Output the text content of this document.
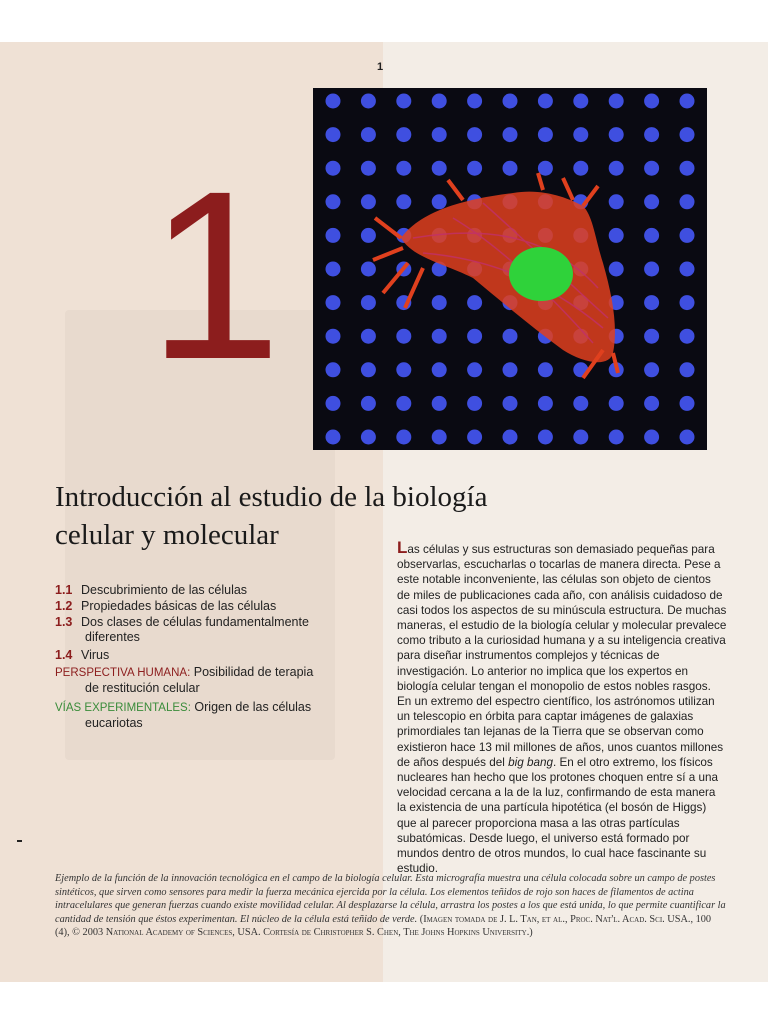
1
1
Introducción al estudio de la biología
celular y molecular
1.1 Descubrimiento de las células
1.2 Propiedades básicas de las células
1.3 Dos clases de células fundamentalmente
diferentes
1.4 Virus
PERSPECTIVA HUMANA: Posibilidad de terapia
de restitución celular
VÍAS EXPERIMENTALES: Origen de las células
eucariotas
Las células y sus estructuras son demasiado pequeñas para observarlas, escucharlas o tocarlas de manera directa. Pese a este notable inconveniente, las células son objeto de cientos de miles de publicaciones cada año, con análisis cuidadoso de casi todos los aspectos de su minúscula estructura. De muchas maneras, el estudio de la biología celular y molecular prevalece como tributo a la curiosidad humana y a su inteligencia creativa para diseñar instrumentos complejos y técnicas de investigación. Lo anterior no implica que los expertos en biología celular tengan el monopolio de estos nobles rasgos. En un extremo del espectro científico, los astrónomos utilizan un telescopio en órbita para captar imágenes de galaxias primordiales tan lejanas de la Tierra que se observan como existieron hace 13 mil millones de años, unos cuantos millones de años después del big bang. En el otro extremo, los físicos nucleares han hecho que los protones choquen entre sí a una velocidad cercana a la de la luz, confirmando de esta manera la existencia de una partícula hipotética (el bosón de Higgs) que al parecer proporciona masa a las otras partículas subatómicas. Desde luego, el universo está formado por mundos dentro de otros mundos, lo cual hace fascinante su estudio.
Ejemplo de la función de la innovación tecnológica en el campo de la biología celular. Esta micrografía muestra una célula colocada sobre un campo de postes sintéticos, que sirven como sensores para medir la fuerza mecánica ejercida por la célula. Los elementos teñidos de rojo son haces de filamentos de actina intracelulares que generan fuerzas cuando existe movilidad celular. Al desplazarse la célula, arrastra los postes a los que está unida, lo que permite cuantificar la cantidad de tensión que éstos experimentan. El núcleo de la célula está teñido de verde. (Imagen tomada de J. L. Tan, et al., Proc. Nat'l. Acad. Sci. USA., 100 (4), © 2003 National Academy of Sciences, USA. Cortesía de Christopher S. Chen, The Johns Hopkins University.)
